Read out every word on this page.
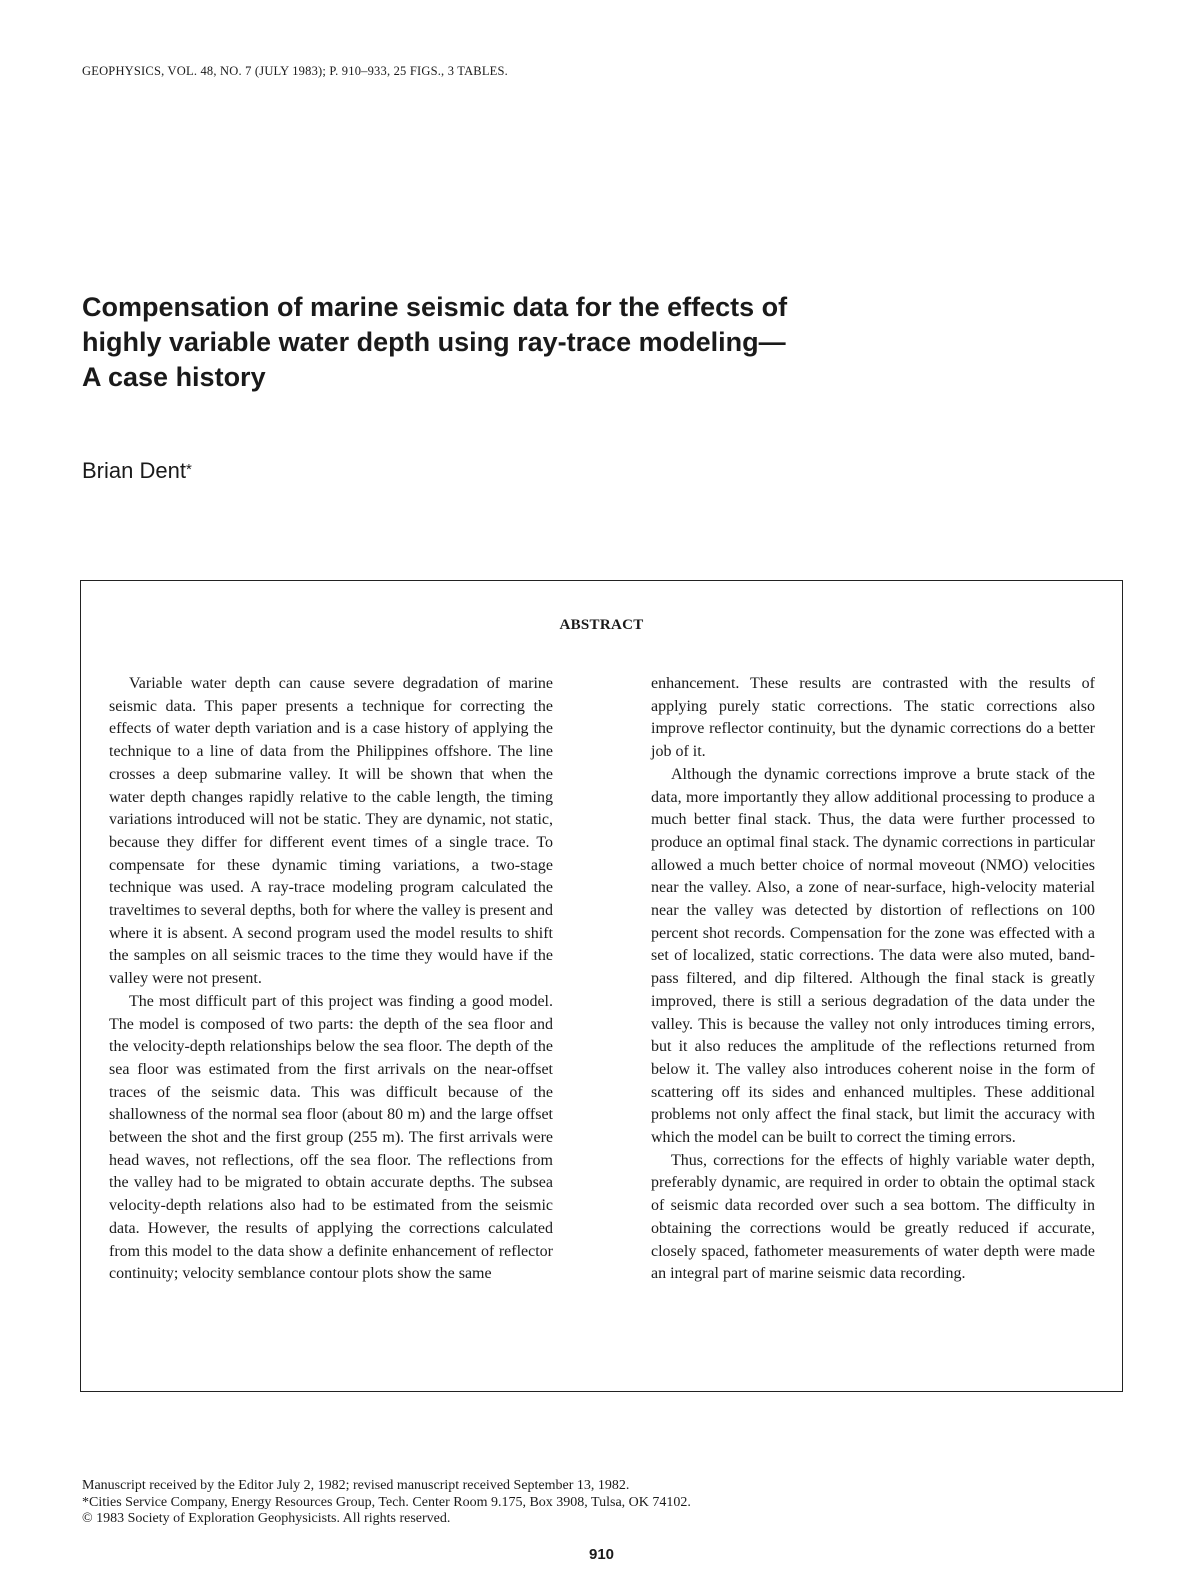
GEOPHYSICS, VOL. 48, NO. 7 (JULY 1983); P. 910–933, 25 FIGS., 3 TABLES.
Compensation of marine seismic data for the effects of
highly variable water depth using ray-trace modeling—
A case history
Brian Dent*
ABSTRACT

Variable water depth can cause severe degradation of marine seismic data. This paper presents a technique for correcting the effects of water depth variation and is a case history of applying the technique to a line of data from the Philippines offshore. The line crosses a deep submarine valley. It will be shown that when the water depth changes rapidly relative to the cable length, the timing variations introduced will not be static. They are dynamic, not static, because they differ for different event times of a single trace. To compensate for these dynamic timing variations, a two-stage technique was used. A ray-trace modeling program calculated the traveltimes to several depths, both for where the valley is present and where it is absent. A second program used the model results to shift the samples on all seismic traces to the time they would have if the valley were not present.

The most difficult part of this project was finding a good model. The model is composed of two parts: the depth of the sea floor and the velocity-depth relationships below the sea floor. The depth of the sea floor was estimated from the first arrivals on the near-offset traces of the seismic data. This was difficult because of the shallowness of the normal sea floor (about 80 m) and the large offset between the shot and the first group (255 m). The first arrivals were head waves, not reflections, off the sea floor. The reflections from the valley had to be migrated to obtain accurate depths. The subsea velocity-depth relations also had to be estimated from the seismic data. However, the results of applying the corrections calculated from this model to the data show a definite enhancement of reflector continuity; velocity semblance contour plots show the same

enhancement. These results are contrasted with the results of applying purely static corrections. The static corrections also improve reflector continuity, but the dynamic corrections do a better job of it.

Although the dynamic corrections improve a brute stack of the data, more importantly they allow additional processing to produce a much better final stack. Thus, the data were further processed to produce an optimal final stack. The dynamic corrections in particular allowed a much better choice of normal moveout (NMO) velocities near the valley. Also, a zone of near-surface, high-velocity material near the valley was detected by distortion of reflections on 100 percent shot records. Compensation for the zone was effected with a set of localized, static corrections. The data were also muted, band-pass filtered, and dip filtered. Although the final stack is greatly improved, there is still a serious degradation of the data under the valley. This is because the valley not only introduces timing errors, but it also reduces the amplitude of the reflections returned from below it. The valley also introduces coherent noise in the form of scattering off its sides and enhanced multiples. These additional problems not only affect the final stack, but limit the accuracy with which the model can be built to correct the timing errors.

Thus, corrections for the effects of highly variable water depth, preferably dynamic, are required in order to obtain the optimal stack of seismic data recorded over such a sea bottom. The difficulty in obtaining the corrections would be greatly reduced if accurate, closely spaced, fathometer measurements of water depth were made an integral part of marine seismic data recording.

Manuscript received by the Editor July 2, 1982; revised manuscript received September 13, 1982.
*Cities Service Company, Energy Resources Group, Tech. Center Room 9.175, Box 3908, Tulsa, OK 74102.
© 1983 Society of Exploration Geophysicists. All rights reserved.
910
